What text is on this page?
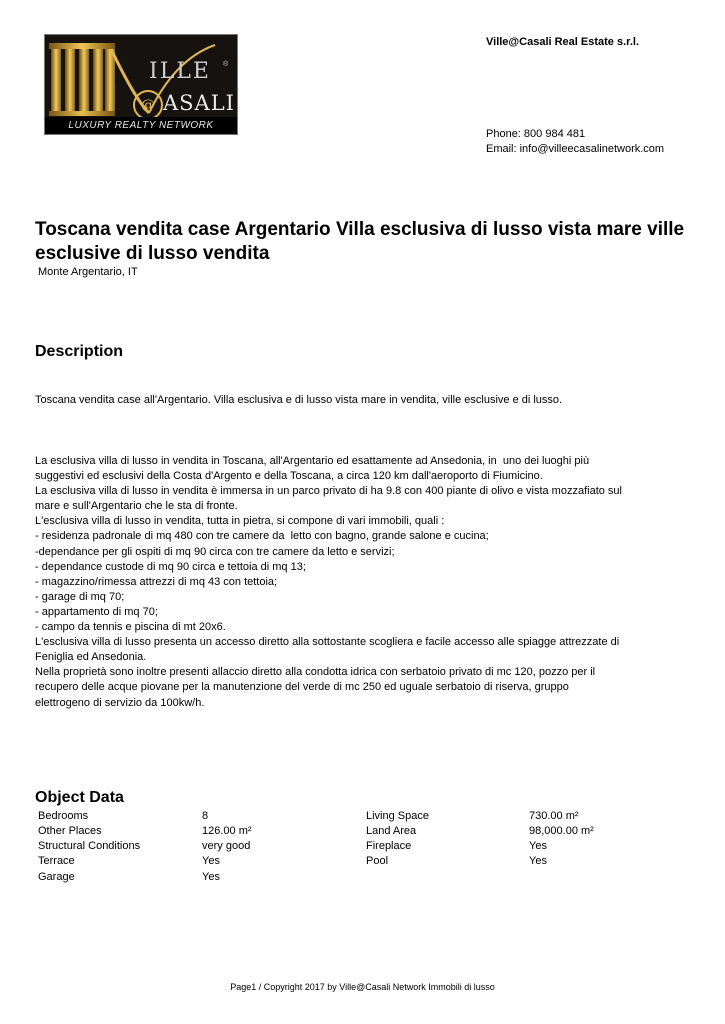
ILLE ®
@ ASALI
LUXURY REALTY NETWORK
Ville@Casali Real Estate s.r.l.
Phone: 800 984 481
Email: info@villeecasalinetwork.com
Toscana vendita case Argentario Villa esclusiva di lusso vista mare ville esclusive di lusso vendita
Monte Argentario, IT
Description
Toscana vendita case all'Argentario. Villa esclusiva e di lusso vista mare in vendita, ville esclusive e di lusso.
La esclusiva villa di lusso in vendita in Toscana, all'Argentario ed esattamente ad Ansedonia, in  uno dei luoghi più
suggestivi ed esclusivi della Costa d'Argento e della Toscana, a circa 120 km dall'aeroporto di Fiumicino.
La esclusiva villa di lusso in vendita è immersa in un parco privato di ha 9.8 con 400 piante di olivo e vista mozzafiato sul
mare e sull'Argentario che le sta di fronte.
L'esclusiva villa di lusso in vendita, tutta in pietra, si compone di vari immobili, quali :
- residenza padronale di mq 480 con tre camere da  letto con bagno, grande salone e cucina;
-dependance per gli ospiti di mq 90 circa con tre camere da letto e servizi;
- dependance custode di mq 90 circa e tettoia di mq 13;
- magazzino/rimessa attrezzi di mq 43 con tettoia;
- garage di mq 70;
- appartamento di mq 70;
- campo da tennis e piscina di mt 20x6.
L'esclusiva villa di lusso presenta un accesso diretto alla sottostante scogliera e facile accesso alle spiagge attrezzate di
Feniglia ed Ansedonia.
Nella proprietà sono inoltre presenti allaccio diretto alla condotta idrica con serbatoio privato di mc 120, pozzo per il
recupero delle acque piovane per la manutenzione del verde di mc 250 ed uguale serbatoio di riserva, gruppo
elettrogeno di servizio da 100kw/h.
Object Data
Bedrooms	8	Living Space	730.00 m²
Other Places	126.00 m²	Land Area	98,000.00 m²
Structural Conditions	very good	Fireplace	Yes
Terrace	Yes	Pool	Yes
Garage	Yes
Page1 / Copyright 2017 by Ville@Casali Network Immobili di lusso
